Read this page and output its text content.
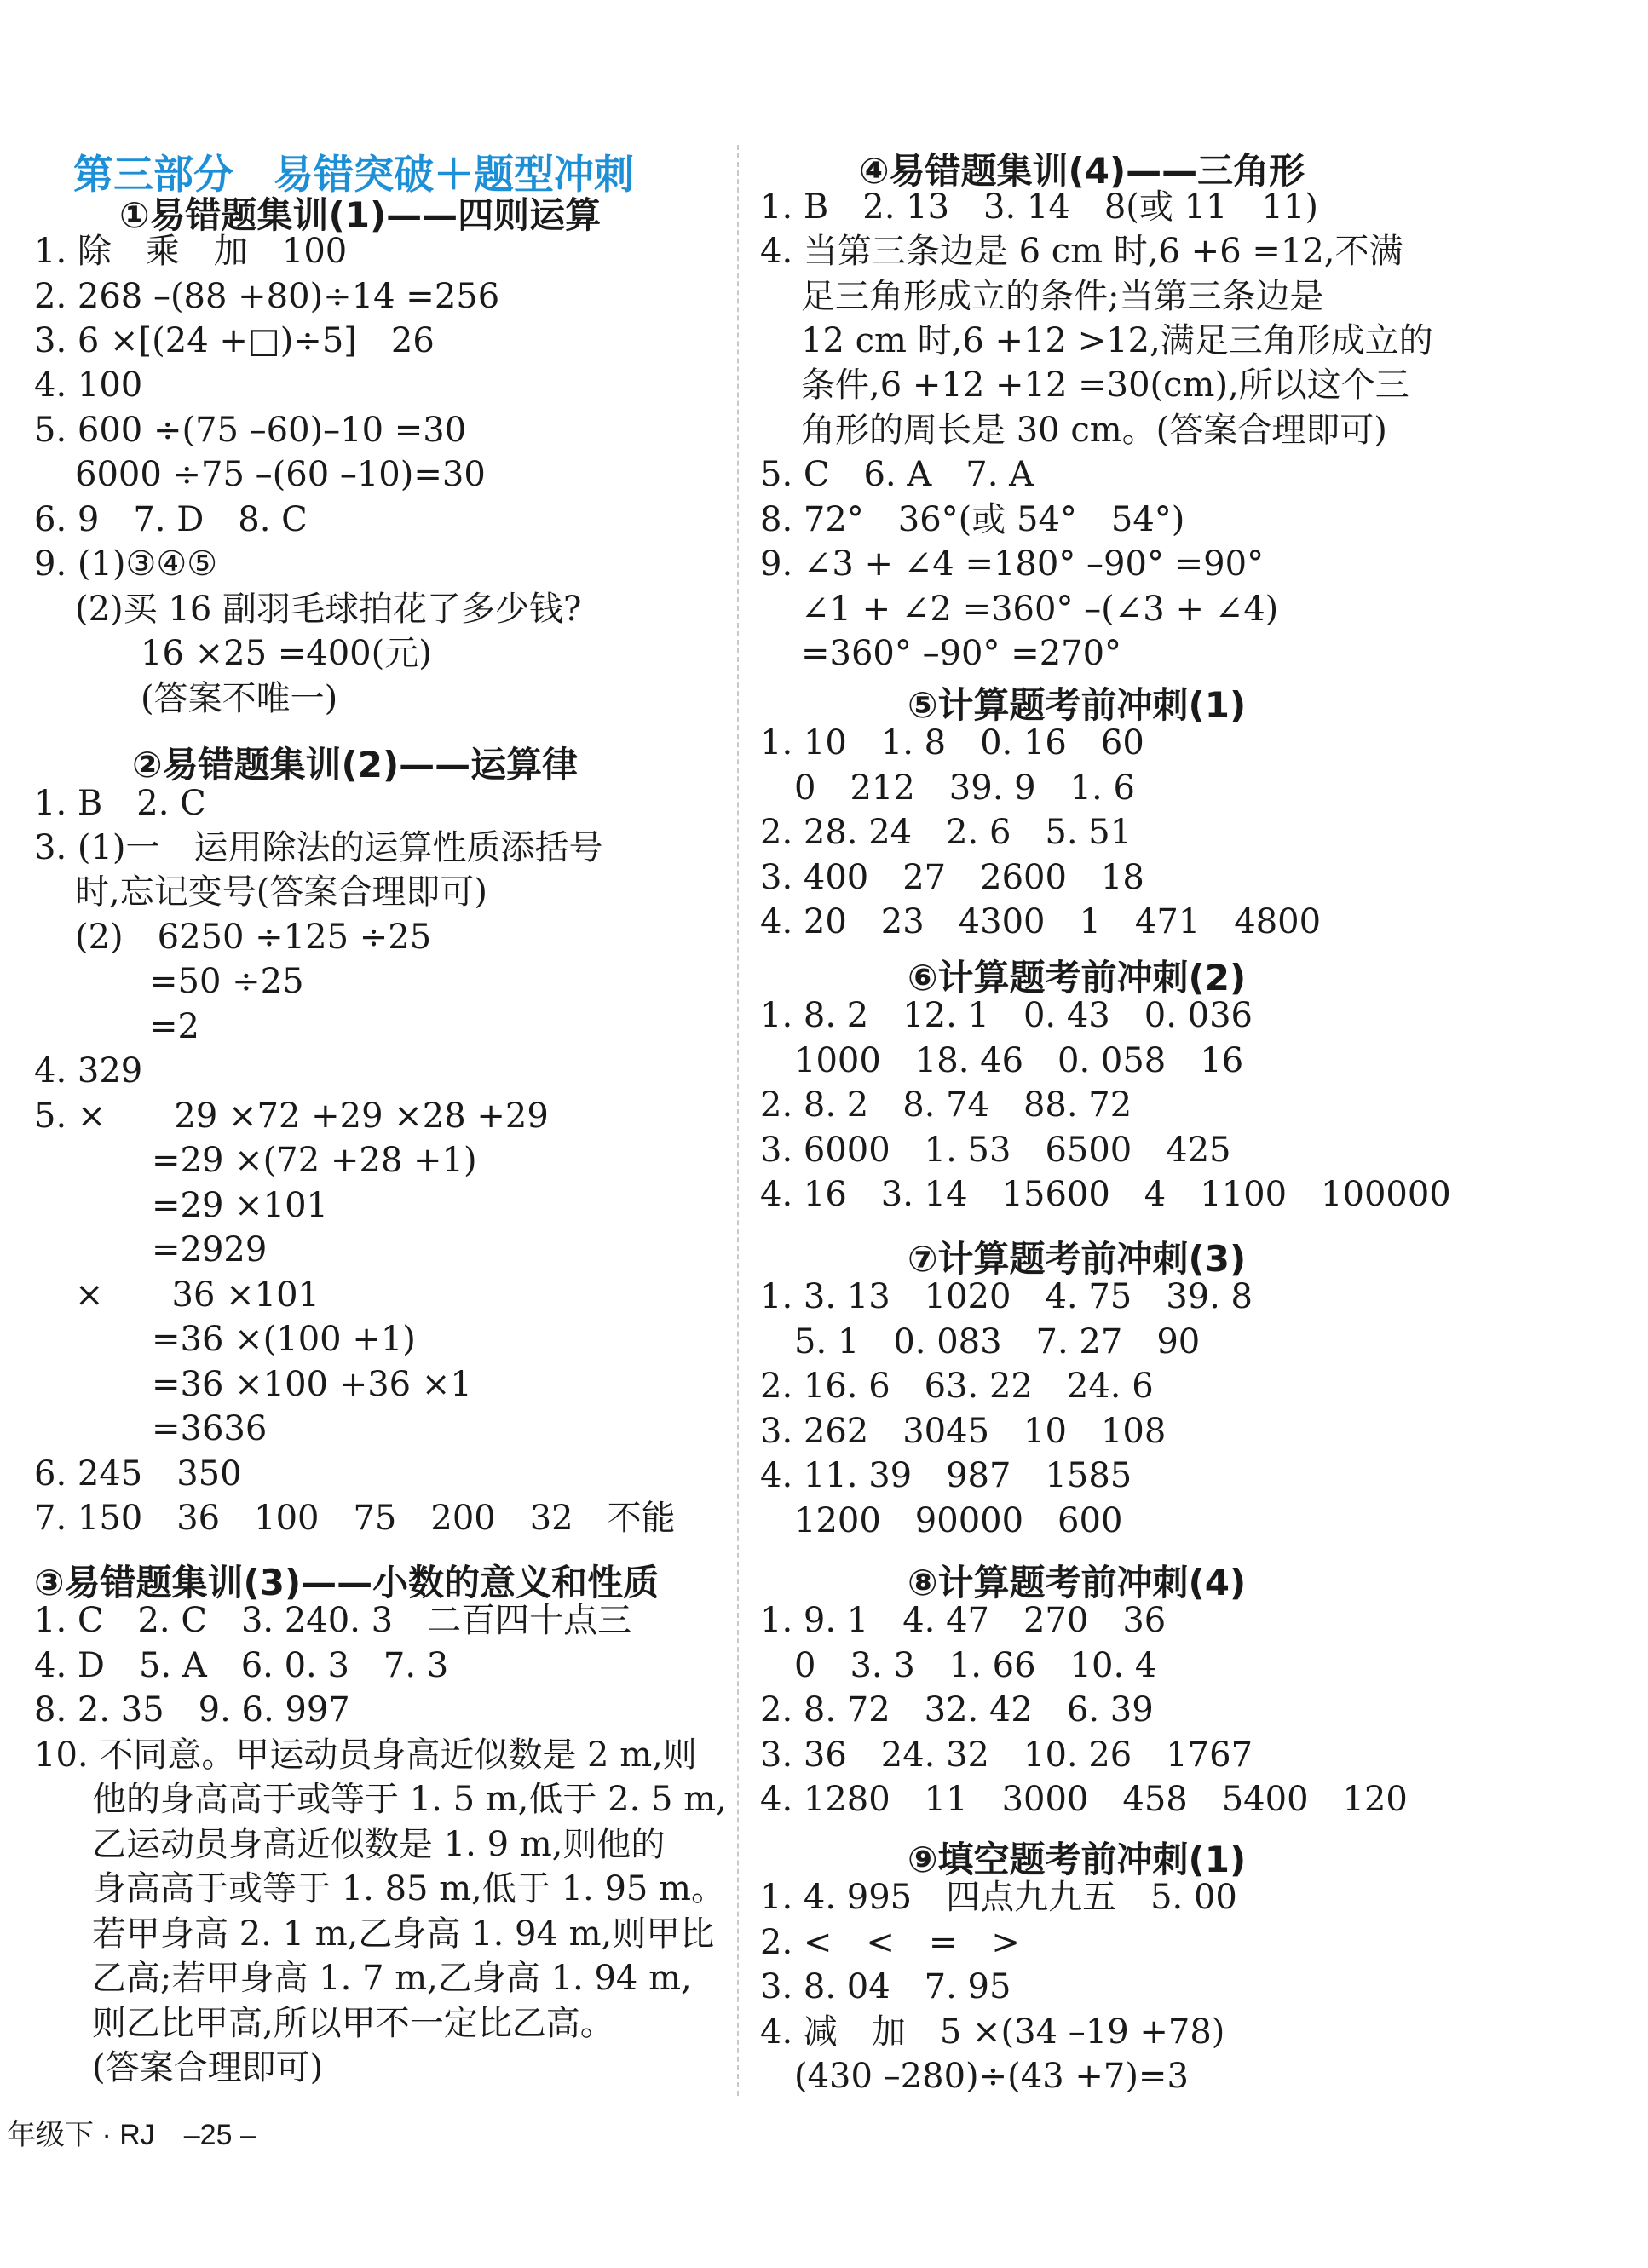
第三部分　易错突破＋题型冲刺
①易错题集训(1)——四则运算
1. 除　乘　加　100
2. 268 –(88 +80)÷14 =256
3. 6 ×[(24 +□)÷5]　26
4. 100
5. 600 ÷(75 –60)–10 =30
6000 ÷75 –(60 –10)=30
6. 9　7. D　8. C
9. (1)③④⑤
(2)买 16 副羽毛球拍花了多少钱?
16 ×25 =400(元)
(答案不唯一)
②易错题集训(2)——运算律
1. B　2. C
3. (1)一　运用除法的运算性质添括号
时,忘记变号(答案合理即可)
(2)　6250 ÷125 ÷25
=50 ÷25
=2
4. 329
5. ×　　29 ×72 +29 ×28 +29
=29 ×(72 +28 +1)
=29 ×101
=2929
×　　36 ×101
=36 ×(100 +1)
=36 ×100 +36 ×1
=3636
6. 245　350
7. 150　36　100　75　200　32　不能
③易错题集训(3)——小数的意义和性质
1. C　2. C　3. 240. 3　二百四十点三
4. D　5. A　6. 0. 3　7. 3
8. 2. 35　9. 6. 997
10. 不同意。甲运动员身高近似数是 2 m,则
他的身高高于或等于 1. 5 m,低于 2. 5 m,
乙运动员身高近似数是 1. 9 m,则他的
身高高于或等于 1. 85 m,低于 1. 95 m。
若甲身高 2. 1 m,乙身高 1. 94 m,则甲比
乙高;若甲身高 1. 7 m,乙身高 1. 94 m,
则乙比甲高,所以甲不一定比乙高。
(答案合理即可)
④易错题集训(4)——三角形
1. B　2. 13　3. 14　8(或 11　11)
4. 当第三条边是 6 cm 时,6 +6 =12,不满
足三角形成立的条件;当第三条边是
12 cm 时,6 +12 >12,满足三角形成立的
条件,6 +12 +12 =30(cm),所以这个三
角形的周长是 30 cm。(答案合理即可)
5. C　6. A　7. A
8. 72°　36°(或 54°　54°)
9. ∠3 + ∠4 =180° –90° =90°
∠1 + ∠2 =360° –(∠3 + ∠4)
=360° –90° =270°
⑤计算题考前冲刺(1)
1. 10　1. 8　0. 16　60
0　212　39. 9　1. 6
2. 28. 24　2. 6　5. 51
3. 400　27　2600　18
4. 20　23　4300　1　471　4800
⑥计算题考前冲刺(2)
1. 8. 2　12. 1　0. 43　0. 036
1000　18. 46　0. 058　16
2. 8. 2　8. 74　88. 72
3. 6000　1. 53　6500　425
4. 16　3. 14　15600　4　1100　100000
⑦计算题考前冲刺(3)
1. 3. 13　1020　4. 75　39. 8
5. 1　0. 083　7. 27　90
2. 16. 6　63. 22　24. 6
3. 262　3045　10　108
4. 11. 39　987　1585
1200　90000　600
⑧计算题考前冲刺(4)
1. 9. 1　4. 47　270　36
0　3. 3　1. 66　10. 4
2. 8. 72　32. 42　6. 39
3. 36　24. 32　10. 26　1767
4. 1280　11　3000　458　5400　120
⑨填空题考前冲刺(1)
1. 4. 995　四点九九五　5. 00
2. <　<　=　>
3. 8. 04　7. 95
4. 减　加　5 ×(34 –19 +78)
(430 –280)÷(43 +7)=3
年级下 · RJ　–25 –
